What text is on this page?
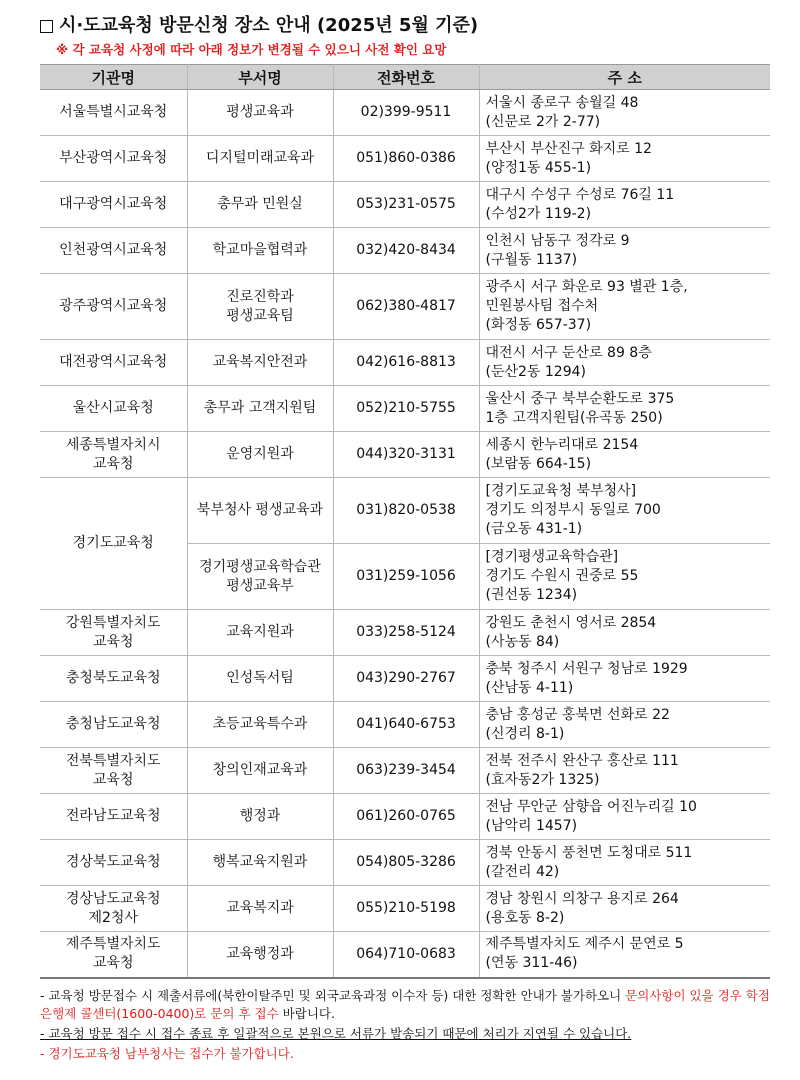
시·도교육청 방문신청 장소 안내 (2025년 5월 기준)
※ 각 교육청 사정에 따라 아래 정보가 변경될 수 있으니 사전 확인 요망
기관명	부서명	전화번호	주 소

서울특별시교육청	평생교육과	02)399-9511	서울시 종로구 송월길 48
(신문로 2가 2-77)

부산광역시교육청	디지털미래교육과	051)860-0386	부산시 부산진구 화지로 12
(양정1동 455-1)

대구광역시교육청	총무과 민원실	053)231-0575	대구시 수성구 수성로 76길 11
(수성2가 119-2)

인천광역시교육청	학교마을협력과	032)420-8434	인천시 남동구 정각로 9
(구월동 1137)

광주광역시교육청	진로진학과
평생교육팀	062)380-4817	광주시 서구 화운로 93 별관 1층,
민원봉사팀 접수처
(화정동 657-37)

대전광역시교육청	교육복지안전과	042)616-8813	대전시 서구 둔산로 89 8층
(둔산2동 1294)

울산시교육청	총무과 고객지원팀	052)210-5755	울산시 중구 북부순환도로 375
1층 고객지원팀(유곡동 250)

세종특별자치시
교육청	운영지원과	044)320-3131	세종시 한누리대로 2154
(보람동 664-15)

경기도교육청	북부청사 평생교육과	031)820-0538	[경기도교육청 북부청사]
경기도 의정부시 동일로 700
(금오동 431-1)

	경기평생교육학습관
평생교육부	031)259-1056	[경기평생교육학습관]
경기도 수원시 권중로 55
(권선동 1234)

강원특별자치도
교육청	교육지원과	033)258-5124	강원도 춘천시 영서로 2854
(사농동 84)

충청북도교육청	인성독서팀	043)290-2767	충북 청주시 서원구 청남로 1929
(산남동 4-11)

충청남도교육청	초등교육특수과	041)640-6753	충남 홍성군 홍북면 선화로 22
(신경리 8-1)

전북특별자치도
교육청	창의인재교육과	063)239-3454	전북 전주시 완산구 홍산로 111
(효자동2가 1325)

전라남도교육청	행정과	061)260-0765	전남 무안군 삼향읍 어진누리길 10
(남악리 1457)

경상북도교육청	행복교육지원과	054)805-3286	경북 안동시 풍천면 도청대로 511
(갈전리 42)

경상남도교육청
제2청사	교육복지과	055)210-5198	경남 창원시 의창구 용지로 264
(용호동 8-2)

제주특별자치도
교육청	교육행정과	064)710-0683	제주특별자치도 제주시 문연로 5
(연동 311-46)
- 교육청 방문접수 시 제출서류에(북한이탈주민 및 외국교육과정 이수자 등) 대한 정확한 안내가 불가하오니 문의사항이 있을 경우 학점은행제 콜센터(1600-0400)로 문의 후 접수 바랍니다.
- 교육청 방문 접수 시 접수 종료 후 일괄적으로 본원으로 서류가 발송되기 때문에 처리가 지연될 수 있습니다.
- 경기도교육청 남부청사는 접수가 불가합니다.
